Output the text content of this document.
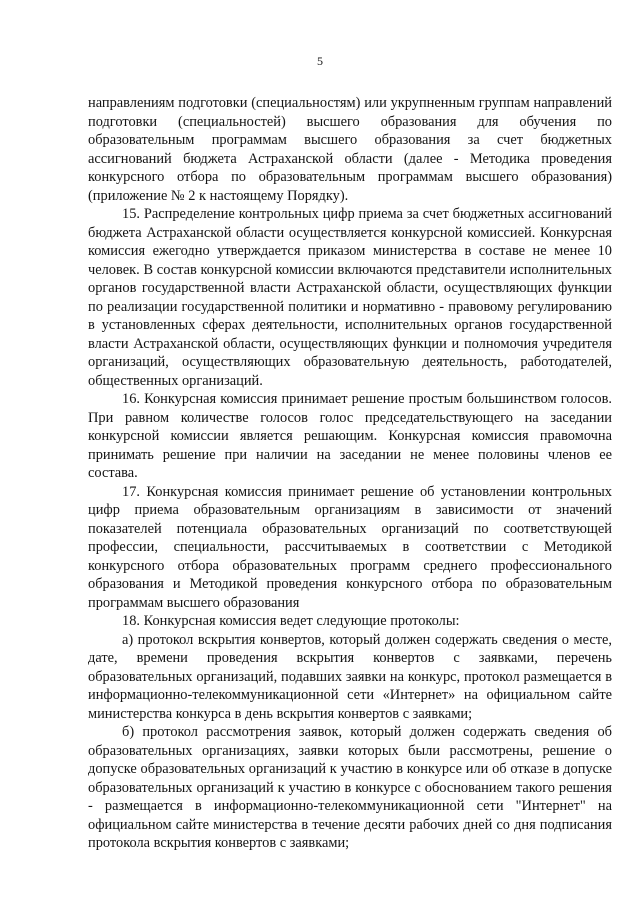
5

направлениям подготовки (специальностям) или укрупненным группам направлений подготовки (специальностей) высшего образования для обучения по образовательным программам высшего образования за счет бюджетных ассигнований бюджета Астраханской области (далее - Методика проведения конкурсного отбора по образовательным программам высшего образования) (приложение № 2 к настоящему Порядку).

15. Распределение контрольных цифр приема за счет бюджетных ассигнований бюджета Астраханской области осуществляется конкурсной комиссией. Конкурсная комиссия ежегодно утверждается приказом министерства в составе не менее 10 человек. В состав конкурсной комиссии включаются представители исполнительных органов государственной власти Астраханской области, осуществляющих функции по реализации государственной политики и нормативно - правовому регулированию в установленных сферах деятельности, исполнительных органов государственной власти Астраханской области, осуществляющих функции и полномочия учредителя организаций, осуществляющих образовательную деятельность, работодателей, общественных организаций.

16. Конкурсная комиссия принимает решение простым большинством голосов. При равном количестве голосов голос председательствующего на заседании конкурсной комиссии является решающим. Конкурсная комиссия правомочна принимать решение при наличии на заседании не менее половины членов ее состава.

17. Конкурсная комиссия принимает решение об установлении контрольных цифр приема образовательным организациям в зависимости от значений показателей потенциала образовательных организаций по соответствующей профессии, специальности, рассчитываемых в соответствии с Методикой конкурсного отбора образовательных программ среднего профессионального образования и Методикой проведения конкурсного отбора по образовательным программам высшего образования

18. Конкурсная комиссия ведет следующие протоколы:

а) протокол вскрытия конвертов, который должен содержать сведения о месте, дате, времени проведения вскрытия конвертов с заявками, перечень образовательных организаций, подавших заявки на конкурс, протокол размещается в информационно-телекоммуникационной сети «Интернет» на официальном сайте министерства конкурса в день вскрытия конвертов с заявками;

б) протокол рассмотрения заявок, который должен содержать сведения об образовательных организациях, заявки которых были рассмотрены, решение о допуске образовательных организаций к участию в конкурсе или об отказе в допуске образовательных организаций к участию в конкурсе с обоснованием такого решения - размещается в информационно-телекоммуникационной сети "Интернет" на официальном сайте министерства в течение десяти рабочих дней со дня подписания протокола вскрытия конвертов с заявками;
